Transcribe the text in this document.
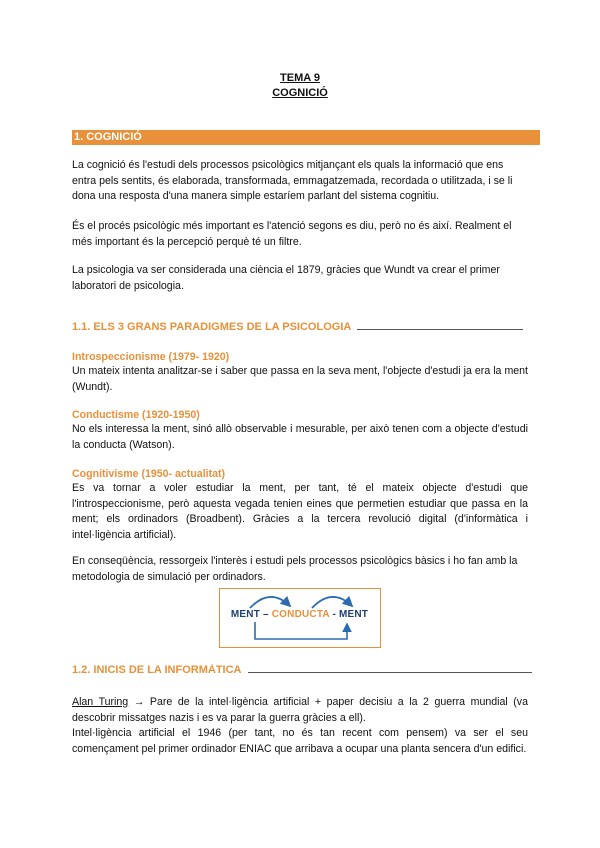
TEMA 9
COGNICIÓ
1. COGNICIÓ
La cognició és l'estudi dels processos psicològics mitjançant els quals la informació que ens entra pels sentits, és elaborada, transformada, emmagatzemada, recordada o utilitzada, i se li dona una resposta d'una manera simple estaríem parlant del sistema cognitiu.
És el procés psicològic més important es l'atenció segons es diu, però no és així. Realment el més important és la percepció perquè té un filtre.
La psicologia va ser considerada una ciència el 1879, gràcies que Wundt va crear el primer laboratori de psicologia.
1.1. ELS 3 GRANS PARADIGMES DE LA PSICOLOGIA
Introspeccionisme (1979- 1920)
Un mateix intenta analitzar-se i saber que passa en la seva ment, l'objecte d'estudi ja era la ment (Wundt).
Conductisme (1920-1950)
No els interessa la ment, sinó allò observable i mesurable, per això tenen com a objecte d'estudi la conducta (Watson).
Cognitivisme (1950- actualitat)
Es va tornar a voler estudiar la ment, per tant, té el mateix objecte d'estudi que l'introspeccionisme, però aquesta vegada tenien eines que permetien estudiar que passa en la ment; els ordinadors (Broadbent). Gràcies a la tercera revolució digital (d'informàtica i intel·ligència artificial).
En conseqüència, ressorgeix l'interès i estudi pels processos psicològics bàsics i ho fan amb la metodologia de simulació per ordinadors.
MENT – CONDUCTA - MENT
1.2. INICIS DE LA INFORMÀTICA
Alan Turing → Pare de la intel·ligència artificial + paper decisiu a la 2 guerra mundial (va descobrir missatges nazis i es va parar la guerra gràcies a ell).
Intel·ligència artificial el 1946 (per tant, no és tan recent com pensem) va ser el seu començament pel primer ordinador ENIAC que arribava a ocupar una planta sencera d'un edifici.
